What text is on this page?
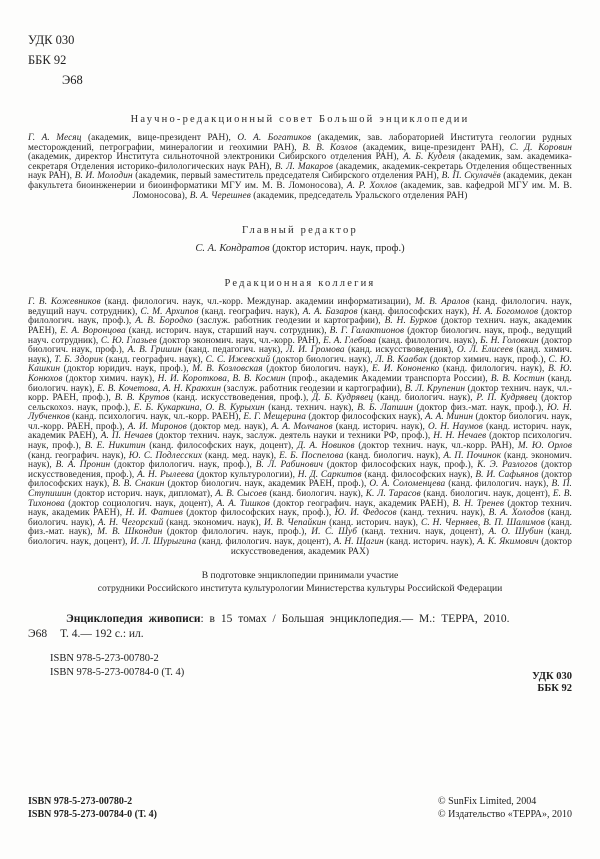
УДК 030
ББК 92
Э68
Научно-редакционный совет Большой энциклопедии
Г. А. Месяц (академик, вице-президент РАН), О. А. Богатиков (академик, зав. лабораторией Института геологии рудных месторождений, петрографии, минералогии и геохимии РАН), В. В. Козлов (академик, вице-президент РАН), С. Д. Коровин (академик, директор Института сильноточной электроники Сибирского отделения РАН), А. Б. Куделя (академик, зам. академика-секретаря Отделения историко-филологических наук РАН), В. Л. Макаров (академик, академик-секретарь Отделения общественных наук РАН), В. И. Молодин (академик, первый заместитель председателя Сибирского отделения РАН), В. П. Скулачёв (академик, декан факультета биоинженерии и биоинформатики МГУ им. М. В. Ломоносова), А. Р. Хохлов (академик, зав. кафедрой МГУ им. М. В. Ломоносова), В. А. Черешнев (академик, председатель Уральского отделения РАН)
Главный редактор
С. А. Кондратов (доктор историч. наук, проф.)
Редакционная коллегия
Г. В. Кожевников (канд. филологич. наук, чл.-корр. Междунар. академии информатизации), М. В. Аралов (канд. филологич. наук, ведущий науч. сотрудник), С. М. Архипов (канд. географич. наук), А. А. Базаров (канд. философских наук), Н. А. Богомолов (доктор филологич. наук, проф.), А. В. Бородко (заслуж. работник геодезии и картографии), В. Н. Бурков (доктор технич. наук, академик РАЕН), Е. А. Воронцова (канд. историч. наук, старший науч. сотрудник), В. Г. Галактионов (доктор биологич. наук, проф., ведущий науч. сотрудник), С. Ю. Глазьев (доктор экономич. наук, чл.-корр. РАН), Е. А. Глебова (канд. филологич. наук), Б. Н. Головкин (доктор биологич. наук, проф.), А. В. Гришин (канд. педагогич. наук), Л. И. Громова (канд. искусствоведения), О. Л. Елисеев (канд. химич. наук), Т. Б. Здорик (канд. географич. наук), С. С. Ижевский (доктор биологич. наук), Л. В. Каабак (доктор химич. наук, проф.), С. Ю. Кашкин (доктор юридич. наук, проф.), М. В. Козловская (доктор биологич. наук), Е. И. Кононенко (канд. филологич. наук), В. Ю. Конюхов (доктор химич. наук), Н. И. Короткова, В. В. Космин (проф., академик Академии транспорта России), В. В. Костин (канд. биологич. наук), Е. В. Кочетова, А. Н. Краюхин (заслуж. работник геодезии и картографии), В. Л. Крупенин (доктор технич. наук, чл.-корр. РАЕН, проф.), В. В. Крутов (канд. искусствоведения, проф.), Д. Б. Кудрявец (канд. биологич. наук), Р. П. Кудрявец (доктор сельскохоз. наук, проф.), Е. Б. Кукаркина, О. В. Курыхин (канд. технич. наук), В. Б. Лапшин (доктор физ.-мат. наук, проф.), Ю. Н. Лубченков (канд. психологич. наук, чл.-корр. РАЕН), Е. Г. Мещерина (доктор философских наук), А. А. Минин (доктор биологич. наук, чл.-корр. РАЕН, проф.), А. И. Миронов (доктор мед. наук), А. А. Молчанов (канд. историч. наук), О. Н. Наумов (канд. историч. наук, академик РАЕН), А. П. Нечаев (доктор технич. наук, заслуж. деятель науки и техники РФ, проф.), Н. Н. Нечаев (доктор психологич. наук, проф.), В. Е. Никитин (канд. философских наук, доцент), Д. А. Новиков (доктор технич. наук, чл.-корр. РАН), М. Ю. Орлов (канд. географич. наук), Ю. С. Подлесских (канд. мед. наук), Е. Б. Поспелова (канд. биологич. наук), А. П. Починок (канд. экономич. наук), В. А. Пронин (доктор филологич. наук, проф.), В. Л. Рабинович (доктор философских наук, проф.), К. Э. Разлогов (доктор искусствоведения, проф.), А. Н. Рылеева (доктор культурологии), Н. Д. Саркитов (канд. философских наук), В. И. Сафьянов (доктор философских наук), В. В. Снакин (доктор биологич. наук, академик РАЕН, проф.), О. А. Соломенцева (канд. филологич. наук), В. П. Ступишин (доктор историч. наук, дипломат), А. В. Сысоев (канд. биологич. наук), К. Л. Тарасов (канд. биологич. наук, доцент), Е. В. Тихонова (доктор социологич. наук, доцент), А. А. Тишков (доктор географич. наук, академик РАЕН), В. Н. Тренев (доктор технич. наук, академик РАЕН), Н. И. Фатиев (доктор философских наук, проф.), Ю. И. Федосов (канд. технич. наук), В. А. Холодов (канд. биологич. наук), А. Н. Чегорский (канд. экономич. наук), И. В. Чепайкин (канд. историч. наук), С. Н. Черняев, В. П. Шалимов (канд. физ.-мат. наук), М. В. Шкондин (доктор филологич. наук, проф.), И. С. Шуб (канд. технич. наук, доцент), А. О. Шубин (канд. биологич. наук, доцент), И. Л. Шурыгина (канд. филологич. наук, доцент), А. Н. Щагин (канд. историч. наук), А. К. Якимович (доктор искусствоведения, академик РАХ)
В подготовке энциклопедии принимали участие
сотрудники Российского института культурологии Министерства культуры Российской Федерации
Энциклопедия живописи: в 15 томах / Большая энциклопедия.— М.: ТЕРРА, 2010.
Э68 Т. 4.— 192 с.: ил.
ISBN 978-5-273-00780-2
ISBN 978-5-273-00784-0 (Т. 4)	УДК 030
ББК 92
ISBN 978-5-273-00780-2
ISBN 978-5-273-00784-0 (Т. 4)
© SunFix Limited, 2004
© Издательство «ТЕРРА», 2010
